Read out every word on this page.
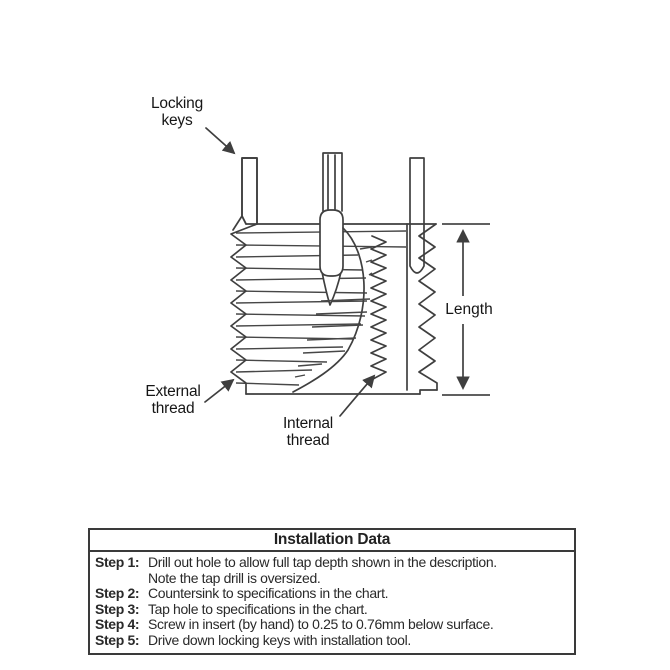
Locking
keys
Length
External
thread
Internal
thread
Installation Data
Step 1: Drill out hole to allow full tap depth shown in the description.
Note the tap drill is oversized.
Step 2: Countersink to specifications in the chart.
Step 3: Tap hole to specifications in the chart.
Step 4: Screw in insert (by hand) to 0.25 to 0.76mm below surface.
Step 5: Drive down locking keys with installation tool.
